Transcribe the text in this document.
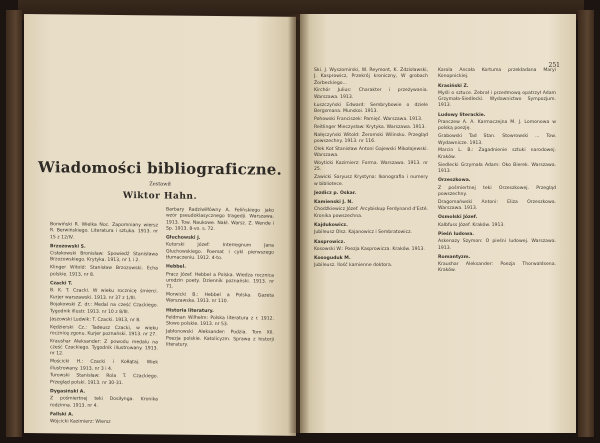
Wiadomości bibliograficzne.
Zestawił
Wiktor Hahn.
Borwiński R. Wielka Noc. Zapomniany wiersz R. Berwińskiego. Literatura i sztuka. 1913. nr 15 z 12/IV.
Brzozowski S.
Cisłakowski Bronisław: Spowiedź Stanisława Brzozowskiego. Krytyka. 1913, nr 1 i 2.
Klinger Witold: Stanisław Brzozowski. Echa polskie. 1913, nr 8.
Czacki T.
B. K. T. Czacki. W wieku rocznicę śmierci. Kurjer warszawski. 1913. nr 37 z 1/III.
Bojakowski Z. dr.: Medal na cześć Czackiego. Tygodnik illustr. 1913. nr 10 z 8/III.
Jaszowski Ludwik: T. Czacki. 1913, nr 8.
Kędzierski Cz.: Tadeusz Czacki, w wieku rocznicę zgonu. Kurjer poznański. 1913. nr 27.
Kraushar Aleksander: Z powodu medalu na cześć Czackiego. Tygodnik illustrowany. 1913. nr 12.
Mościcki H.: Czacki i Kołłątaj. Wiek illustrowany. 1913, nr 3 i 4.
Turowski Stanisław: Rola T. Czackiego. Przegląd polski. 1913. nr 30-31.
Dygasiński A.
Z pośmiertnej teki Dosiłynga. Kronika rodzinna. 1913. nr 4.
Fallski A.
Wójcicki Kazimierz: Wiersz
Barbary Radziwiłłówny A. Felińskiego jako wzór pseudoklasycznego tragedji. Warszawa. 1913. Tow. Naukowe. Nakł. Warsz. Z. Wende i Sp. 1913. 8-vo. s. 72.
Głuchowski J.
Kutorski Józef: Interregnum Jana Głuchowskiego. Poemat i cykl pierwszego tłumaczeniu. 1912. 4-to.
Hebbel.
Pracz Józef. Hebbel a Polska. Wiedza rocznica urodzin poety. Dziennik poznański. 1913. nr 71.
Morwicki B.: Hebbel a Polska. Gazeta Warszawska. 1913. nr 110.
Historia literatury.
Feldman Wilhelm: Polska literatura z r. 1912. Słowo polskie. 1913. nr 53.
Jabłonowski Aleksander: Podzia. Tom XII. Poezja polskie. Katolicyzm. Sprawa z historji literatury.
251
Ski. J. Wyszomirski, W. Reymont, K. Zdzisławski, J. Kasprowicz, Przekrój kroniczny, W grobach Żorbeckiego...
Kirchór Julius: Charakter i przeżywania. Warszawa. 1913.
Łuszczyński Edward: Sembrybowie o dziele Bergsmana. Munskoi. 1913.
Pohowski Franciszek: Pamięć. Warszawa. 1913.
Reitlinger Mieczysław: Krytyka. Warszawa. 1913.
Nałęczyński Witold: Żeromski Wilinsku. Przegląd powszechny. 1913. nr 116.
Olek Kot Stanisław Antoni Gajewski Mikołajewski. Warszawa.
Woyticki Kazimierz: Forma. Warszawa. 1913. nr 25.
Zawicki Saryusz Krystyna: Ikonografia i numery w bibliotece.
Jezdicz p. Oskar.
Kamienski J. N.
Chodźkiewicz Józef. Arcybiskup Ferdynand d'Esté. Kronika powszechna.
Kajdukowicz.
Jubileusz Olsz. Kajanowicz i Sembratowicz.
Kasprowicz.
Kosowski W.: Poezja Kasprowicza. Kraków. 1913.
Kosoguduk M.
Jubileusz. Ilość kamienne doktora.
Karola Ancała Kortuma przekładana Maryi Konopnickiej.
Krasiński Z.
Myśli o sztuce. Zebrał i przedmową opatrzył Adam Grzymała-Siedlecki. Wydawnictwo Sympozjum. 1913.
Ludowy literackie.
Pranczew A. A. Karmaczejna M. J. Lomonowa w polską poezję.
Grabowski Tad Stan. Stowrowski ... Tow. Wydawnicze. 1913.
Marcin L. B.: Zagadnienie sztuki narodowej. Kraków.
Siedlecki Grzymała Adam: Oko Bierek. Warszawa. 1913.
Orzeszkowa.
Z pośmiertnej teki Orzeszkowej. Przegląd powszechny.
Dragomańwski Antoni: Eliza Orzeszkowa. Warszawa. 1913.
Osmolski Józef.
Kalbfuss Józef. Kraków. 1913.
Pieśń ludowa.
Askenazy Szymon: O pieśni ludowej. Warszawa. 1913.
Romantyzm.
Kraushar Aleksander: Poezja Thorwaldsena. Kraków.
